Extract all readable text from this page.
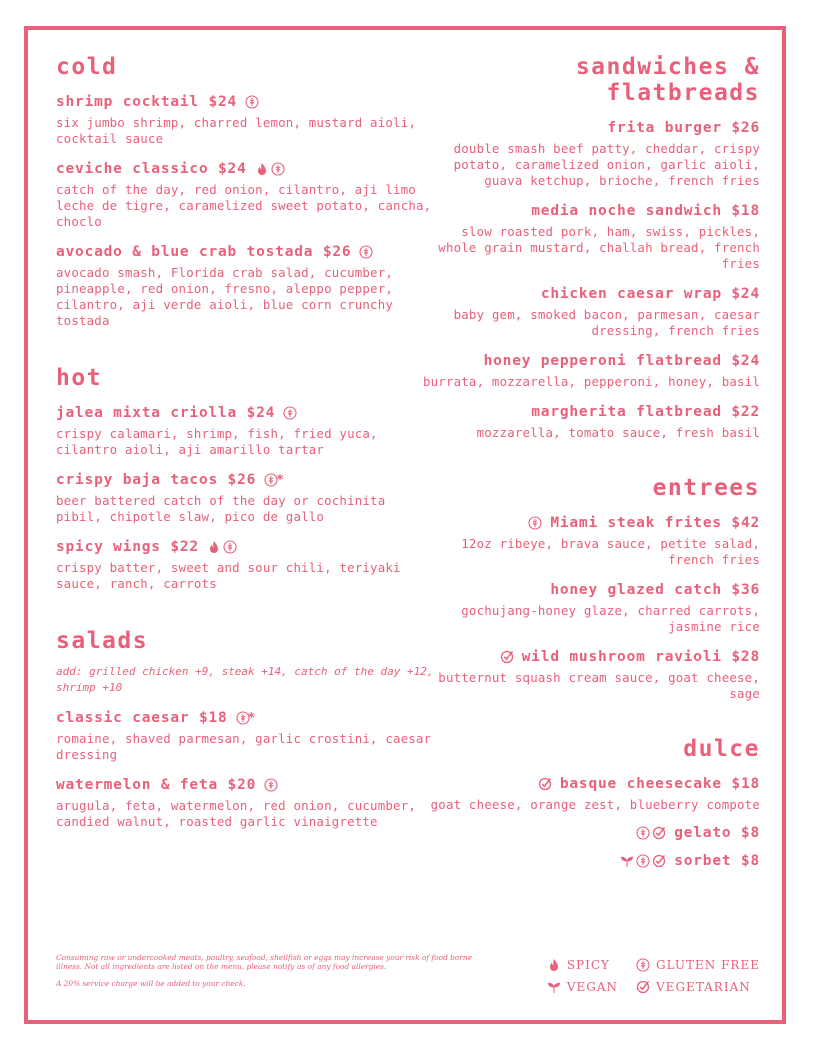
cold
shrimp cocktail $24
six jumbo shrimp, charred lemon, mustard aioli, cocktail sauce
ceviche classico $24
catch of the day, red onion, cilantro, aji limo leche de tigre, caramelized sweet potato, cancha, choclo
avocado & blue crab tostada $26
avocado smash, Florida crab salad, cucumber, pineapple, red onion, fresno, aleppo pepper, cilantro, aji verde aioli, blue corn crunchy tostada
hot
jalea mixta criolla $24
crispy calamari, shrimp, fish, fried yuca, cilantro aioli, aji amarillo tartar
crispy baja tacos $26 *
beer battered catch of the day or cochinita pibil, chipotle slaw, pico de gallo
spicy wings $22
crispy batter, sweet and sour chili, teriyaki sauce, ranch, carrots
salads
add: grilled chicken +9, steak +14, catch of the day +12, shrimp +10
classic caesar $18 *
romaine, shaved parmesan, garlic crostini, caesar dressing
watermelon & feta $20
arugula, feta, watermelon, red onion, cucumber, candied walnut, roasted garlic vinaigrette
sandwiches & flatbreads
frita burger $26
double smash beef patty, cheddar, crispy potato, caramelized onion, garlic aioli, guava ketchup, brioche, french fries
media noche sandwich $18
slow roasted pork, ham, swiss, pickles, whole grain mustard, challah bread, french fries
chicken caesar wrap $24
baby gem, smoked bacon, parmesan, caesar dressing, french fries
honey pepperoni flatbread $24
burrata, mozzarella, pepperoni, honey, basil
margherita flatbread $22
mozzarella, tomato sauce, fresh basil
entrees
Miami steak frites $42
12oz ribeye, brava sauce, petite salad, french fries
honey glazed catch $36
gochujang-honey glaze, charred carrots, jasmine rice
wild mushroom ravioli $28
butternut squash cream sauce, goat cheese, sage
dulce
basque cheesecake $18
goat cheese, orange zest, blueberry compote
gelato $8
sorbet $8
Consuming raw or undercooked meats, poultry, seafood, shellfish or eggs may increase your risk of food borne illness. Not all ingredients are listed on the menu, please notify us of any food allergies.
A 20% service charge will be added to your check.
SPICY	GLUTEN FREE
VEGAN	VEGETARIAN
